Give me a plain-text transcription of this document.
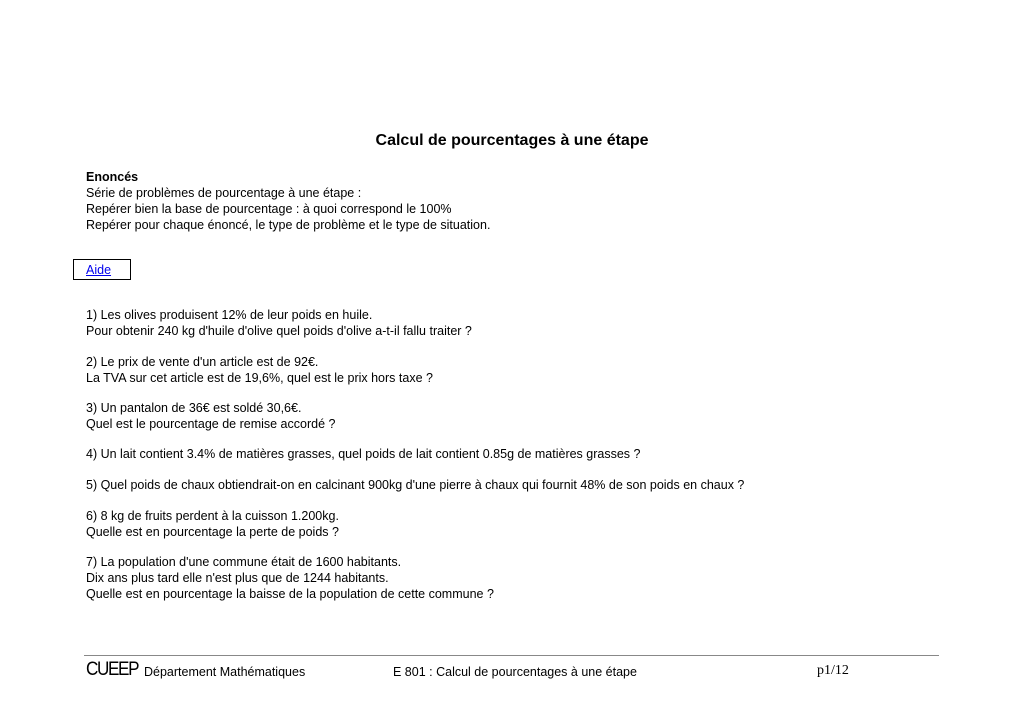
Calcul de pourcentages à une étape
Enoncés
Série de problèmes de pourcentage à une étape :
Repérer bien la base de pourcentage : à quoi correspond le 100%
Repérer pour chaque énoncé, le type de problème et le type de situation.
Aide
1) Les olives produisent 12% de leur poids en huile.
Pour obtenir 240 kg d'huile d'olive quel poids d'olive a-t-il fallu traiter ?
2) Le prix de vente d'un article est de 92€.
La TVA sur cet article est de 19,6%, quel est le prix hors taxe ?
3) Un pantalon de 36€ est soldé 30,6€.
Quel est le pourcentage de remise accordé ?
4) Un lait contient 3.4% de matières grasses, quel poids de lait contient 0.85g de matières grasses ?
5) Quel poids de chaux obtiendrait-on en calcinant 900kg d'une pierre à chaux qui fournit 48% de son poids en chaux ?
6) 8 kg de fruits perdent à la cuisson 1.200kg.
Quelle est en pourcentage la perte de poids ?
7) La population d'une commune était de 1600 habitants.
Dix ans plus tard elle n'est plus que de 1244 habitants.
Quelle est en pourcentage la baisse de la population de cette commune ?
CUEEP Département Mathématiques	E 801 : Calcul de pourcentages à une étape	p1/12
